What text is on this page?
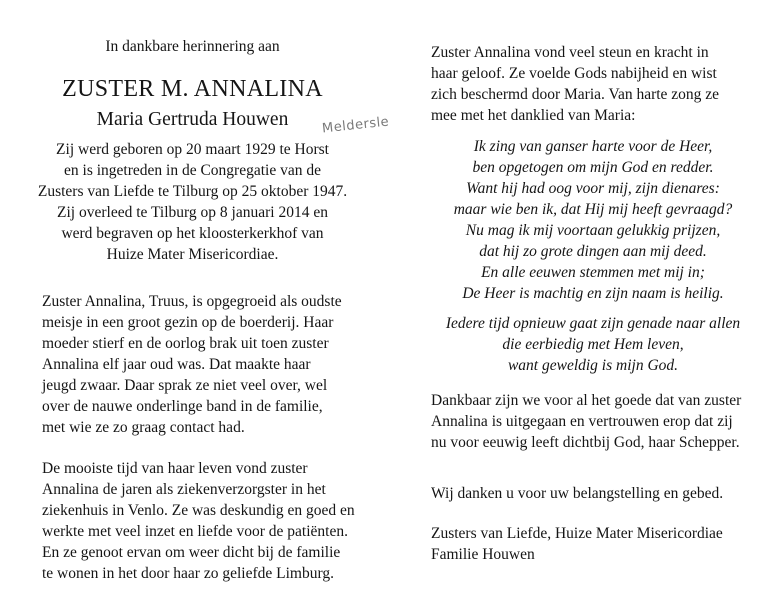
In dankbare herinnering aan
ZUSTER M. ANNALINA
Maria Gertruda Houwen
Zij werd geboren op 20 maart 1929 te Horst
en is ingetreden in de Congregatie van de
Zusters van Liefde te Tilburg op 25 oktober 1947.
Zij overleed te Tilburg op 8 januari 2014 en
werd begraven op het kloosterkerkhof van
Huize Mater Misericordiae.
Zuster Annalina, Truus, is opgegroeid als oudste
meisje in een groot gezin op de boerderij. Haar
moeder stierf en de oorlog brak uit toen zuster
Annalina elf jaar oud was. Dat maakte haar
jeugd zwaar. Daar sprak ze niet veel over, wel
over de nauwe onderlinge band in de familie,
met wie ze zo graag contact had.
De mooiste tijd van haar leven vond zuster
Annalina de jaren als ziekenverzorgster in het
ziekenhuis in Venlo. Ze was deskundig en goed en
werkte met veel inzet en liefde voor de patiënten.
En ze genoot ervan om weer dicht bij de familie
te wonen in het door haar zo geliefde Limburg.
Meldersle
Zuster Annalina vond veel steun en kracht in
haar geloof. Ze voelde Gods nabijheid en wist
zich beschermd door Maria. Van harte zong ze
mee met het danklied van Maria:
Ik zing van ganser harte voor de Heer,
ben opgetogen om mijn God en redder.
Want hij had oog voor mij, zijn dienares:
maar wie ben ik, dat Hij mij heeft gevraagd?
Nu mag ik mij voortaan gelukkig prijzen,
dat hij zo grote dingen aan mij deed.
En alle eeuwen stemmen met mij in;
De Heer is machtig en zijn naam is heilig.
Iedere tijd opnieuw gaat zijn genade naar allen
die eerbiedig met Hem leven,
want geweldig is mijn God.
Dankbaar zijn we voor al het goede dat van zuster
Annalina is uitgegaan en vertrouwen erop dat zij
nu voor eeuwig leeft dichtbij God, haar Schepper.
Wij danken u voor uw belangstelling en gebed.
Zusters van Liefde, Huize Mater Misericordiae
Familie Houwen
